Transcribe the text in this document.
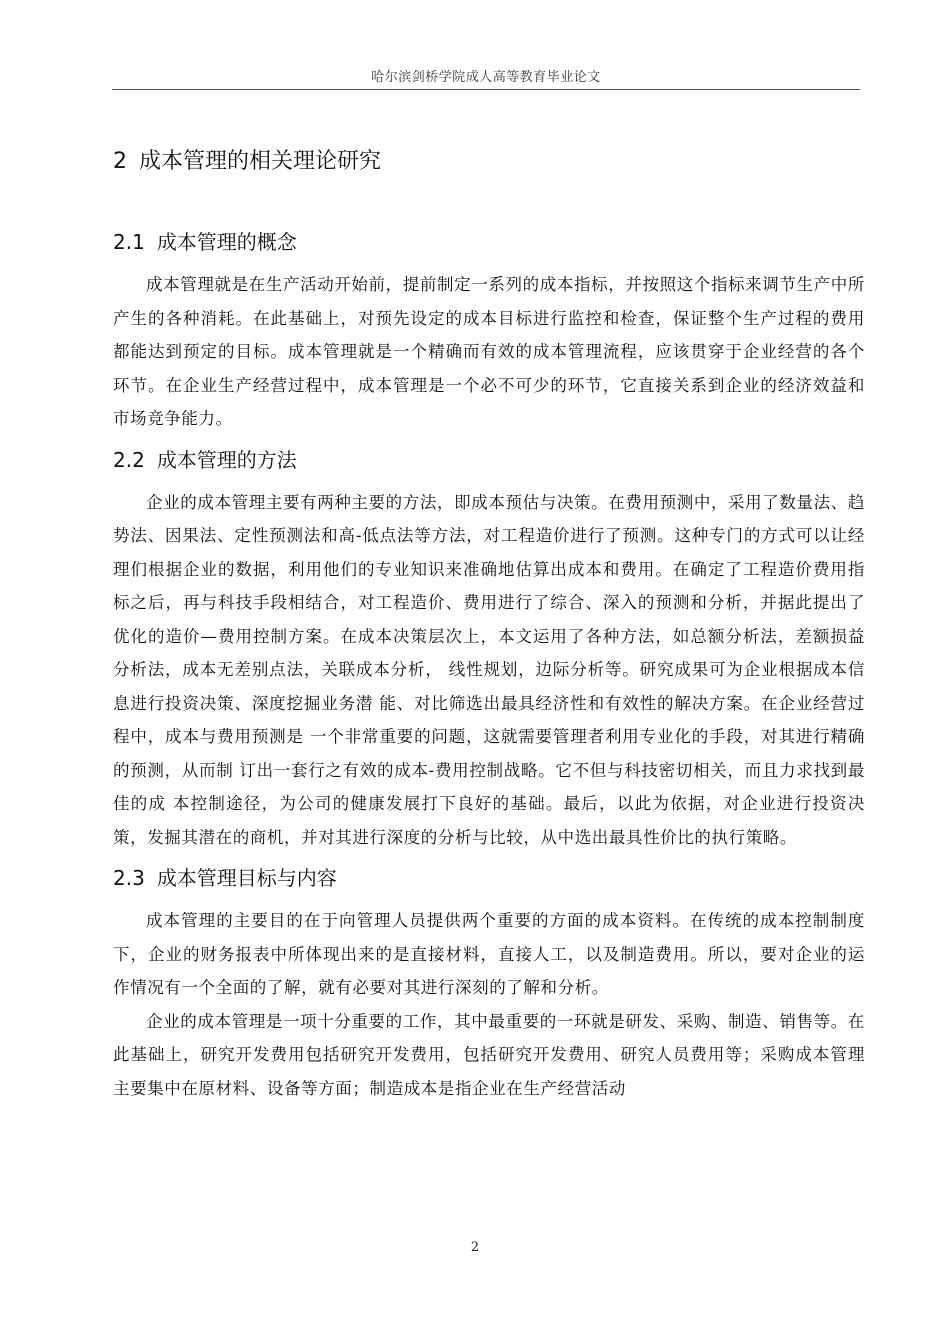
哈尔滨剑桥学院成人高等教育毕业论文
2 成本管理的相关理论研究
2.1 成本管理的概念

成本管理就是在生产活动开始前，提前制定一系列的成本指标，并按照这个指标来调节生产中所产生的各种消耗。在此基础上，对预先设定的成本目标进行监控和检查，保证整个生产过程的费用都能达到预定的目标。成本管理就是一个精确而有效的成本管理流程，应该贯穿于企业经营的各个环节。在企业生产经营过程中，成本管理是一个必不可少的环节，它直接关系到企业的经济效益和市场竞争能力。

2.2 成本管理的方法

企业的成本管理主要有两种主要的方法，即成本预估与决策。在费用预测中，采用了数量法、趋势法、因果法、定性预测法和高-低点法等方法，对工程造价进行了预测。这种专门的方式可以让经理们根据企业的数据，利用他们的专业知识来准确地估算出成本和费用。在确定了工程造价费用指标之后，再与科技手段相结合，对工程造价、费用进行了综合、深入的预测和分析，并据此提出了优化的造价—费用控制方案。在成本决策层次上，本文运用了各种方法，如总额分析法，差额损益分析法，成本无差别点法，关联成本分析， 线性规划，边际分析等。研究成果可为企业根据成本信息进行投资决策、深度挖掘业务潜 能、对比筛选出最具经济性和有效性的解决方案。在企业经营过程中，成本与费用预测是 一个非常重要的问题，这就需要管理者利用专业化的手段，对其进行精确的预测，从而制 订出一套行之有效的成本-费用控制战略。它不但与科技密切相关，而且力求找到最佳的成 本控制途径，为公司的健康发展打下良好的基础。最后，以此为依据，对企业进行投资决 策，发掘其潜在的商机，并对其进行深度的分析与比较，从中选出最具性价比的执行策略。

2.3 成本管理目标与内容

成本管理的主要目的在于向管理人员提供两个重要的方面的成本资料。在传统的成本控制制度下，企业的财务报表中所体现出来的是直接材料，直接人工，以及制造费用。所以，要对企业的运作情况有一个全面的了解，就有必要对其进行深刻的了解和分析。

企业的成本管理是一项十分重要的工作，其中最重要的一环就是研发、采购、制造、销售等。在此基础上，研究开发费用包括研究开发费用，包括研究开发费用、研究人员费用等；采购成本管理主要集中在原材料、设备等方面；制造成本是指企业在生产经营活动

2
